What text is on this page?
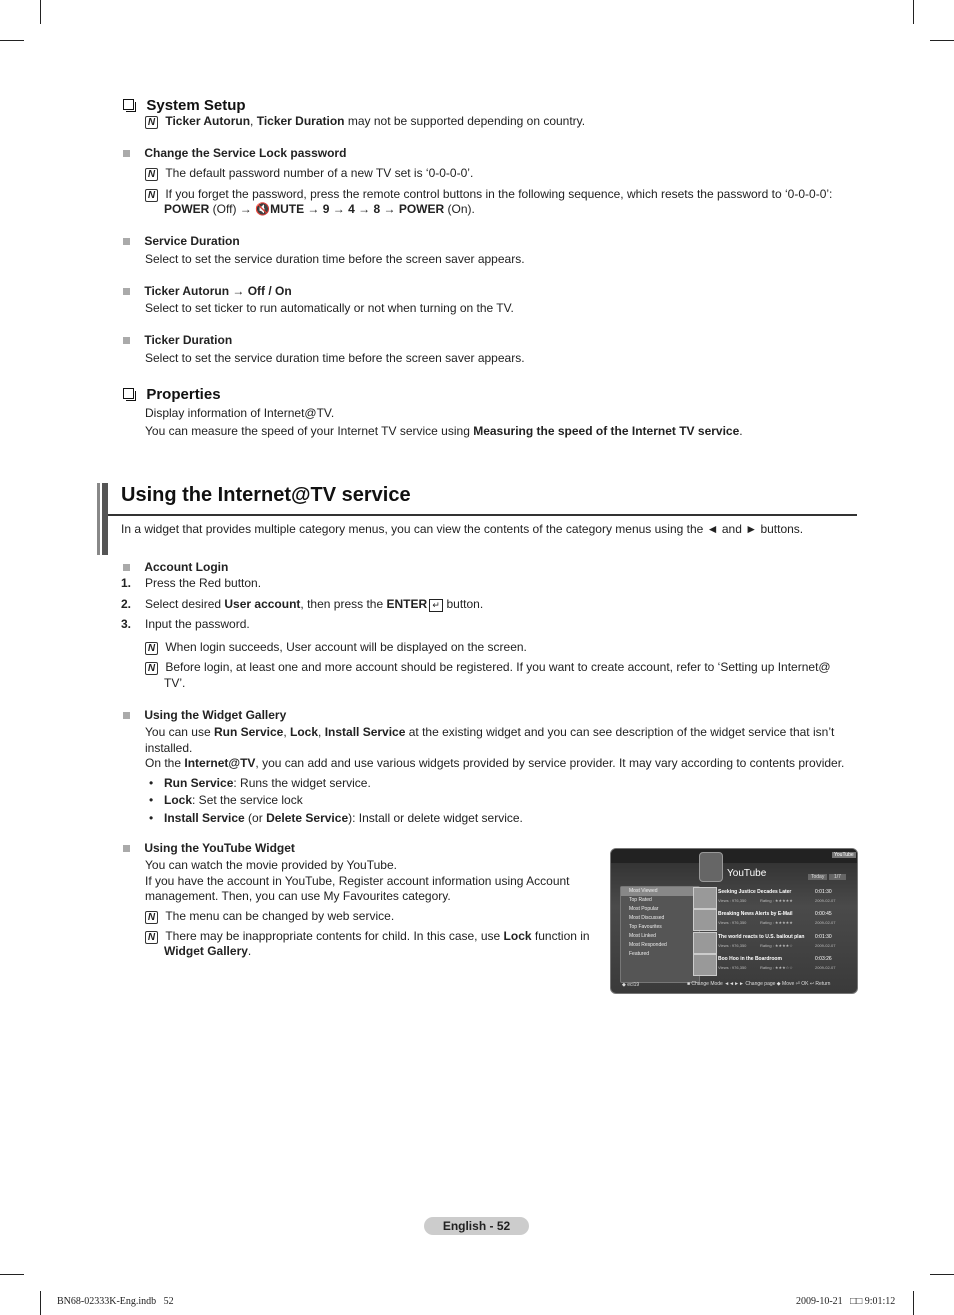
System Setup
N Ticker Autorun, Ticker Duration may not be supported depending on country.
Change the Service Lock password
N The default password number of a new TV set is ‘0-0-0-0’.
N If you forget the password, press the remote control buttons in the following sequence, which resets the password to ‘0-0-0-0’:
POWER (Off) → 🔇MUTE → 9 → 4 → 8 → POWER (On).
Service Duration
Select to set the service duration time before the screen saver appears.
Ticker Autorun → Off / On
Select to set ticker to run automatically or not when turning on the TV.
Ticker Duration
Select to set the service duration time before the screen saver appears.
Properties
Display information of Internet@TV.
You can measure the speed of your Internet TV service using Measuring the speed of the Internet TV service.
Using the Internet@TV service
In a widget that provides multiple category menus, you can view the contents of the category menus using the ◄ and ► buttons.
Account Login
1. Press the Red button.
2. Select desired User account, then press the ENTER ↵ button.
3. Input the password.
N When login succeeds, User account will be displayed on the screen.
N Before login, at least one and more account should be registered. If you want to create account, refer to ‘Setting up Internet@
TV’.
Using the Widget Gallery
You can use Run Service, Lock, Install Service at the existing widget and you can see description of the widget service that isn’t
installed.
On the Internet@TV, you can add and use various widgets provided by service provider. It may vary according to contents provider.
• Run Service: Runs the widget service.
• Lock: Set the service lock
• Install Service (or Delete Service): Install or delete widget service.
Using the YouTube Widget
You can watch the movie provided by YouTube.
If you have the account in YouTube, Register account information using Account
management. Then, you can use My Favourites category.
N The menu can be changed by web service.
N There may be inappropriate contents for child. In this case, use Lock function in
Widget Gallery.
YouTube
YouTube
Today	1/7
Most Viewed
Top Rated
Most Popular
Most Discussed
Top Favourites
Most Linked
Most Responded
Featured
Seeking Justice Decades Later	0:01:30
Views : 976,350	Rating : ★★★★★	2009-02-07
Breaking News Alerts by E-Mail	0:00:45
Views : 976,350	Rating : ★★★★★	2009-02-07
The world reacts to U.S. bailout plan 0:01:30
Views : 976,350	Rating : ★★★★☆	2009-02-07
Boo Hoo in the Boardroom	0:03:26
Views : 976,350	Rating : ★★★☆☆	2009-02-07
◆ ecl19	■ Change Mode ◄◄►► Change page ◆ Move ⏎ OK ↩ Return
English - 52
BN68-02333K-Eng.indb   52	2009-10-21   □□ 9:01:12
